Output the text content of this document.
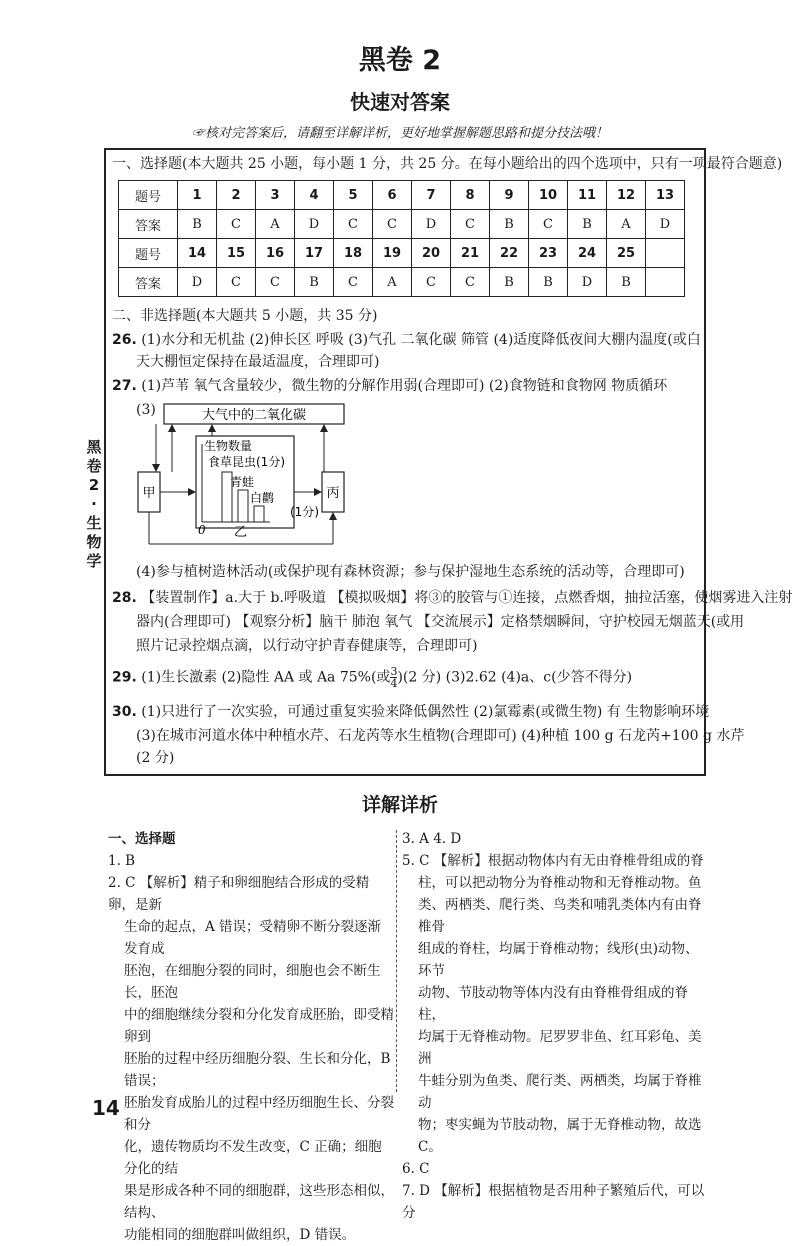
黑卷 2
快速对答案
☞核对完答案后，请翻至详解详析，更好地掌握解题思路和提分技法哦！
黑
卷
2
·
生
物
学
一、选择题(本大题共 25 小题，每小题 1 分，共 25 分。在每小题给出的四个选项中，只有一项最符合题意)
题号	1	2	3	4	5	6	7	8	9	10	11	12	13
答案	B	C	A	D	C	C	D	C	B	C	B	A	D
题号	14	15	16	17	18	19	20	21	22	23	24	25	
答案	D	C	C	B	C	A	C	C	B	B	D	B	
二、非选择题(本大题共 5 小题，共 35 分)
26. (1)水分和无机盐 (2)伸长区 呼吸 (3)气孔 二氧化碳 筛管 (4)适度降低夜间大棚内温度(或白
天大棚恒定保持在最适温度，合理即可)
27. (1)芦苇 氧气含量较少，微生物的分解作用弱(合理即可) (2)食物链和食物网 物质循环
(3)
(4)参与植树造林活动(或保护现有森林资源；参与保护湿地生态系统的活动等，合理即可)
28. 【装置制作】a.大于 b.呼吸道 【模拟吸烟】将③的胶管与①连接，点燃香烟，抽拉活塞，使烟雾进入注射
器内(合理即可) 【观察分析】脑干 肺泡 氧气 【交流展示】定格禁烟瞬间，守护校园无烟蓝天(或用
照片记录控烟点滴，以行动守护青春健康等，合理即可)
29. (1)生长激素 (2)隐性 AA 或 Aa 75%(或 $\frac{3}{4} )(2$ 分) (3)2.62 (4)a、c(少答不得分)
30. (1)只进行了一次实验，可通过重复实验来降低偶然性 (2)氯霉素(或微生物) 有 生物影响环境
(3)在城市河道水体中种植水芹、石龙芮等水生植物(合理即可) (4)种植 100 g 石龙芮+100 g 水芹
(2 分)
大气中的二氧化碳
甲	丙
生物数量
食草昆虫(1分)
青蛙
白鹳
0 乙
(1分)
详解详析

一、选择题

1. B

2. C 【解析】精子和卵细胞结合形成的受精卵，是新

生命的起点，A 错误；受精卵不断分裂逐渐发育成

胚泡，在细胞分裂的同时，细胞也会不断生长，胚泡

中的细胞继续分裂和分化发育成胚胎，即受精卵到

胚胎的过程中经历细胞分裂、生长和分化，B 错误；

胚胎发育成胎儿的过程中经历细胞生长、分裂和分

化，遗传物质均不发生改变，C 正确；细胞分化的结

果是形成各种不同的细胞群，这些形态相似，结构、

功能相同的细胞群叫做组织，D 错误。

3. A 4. D

5. C 【解析】根据动物体内有无由脊椎骨组成的脊

柱，可以把动物分为脊椎动物和无脊椎动物。鱼

类、两栖类、爬行类、鸟类和哺乳类体内有由脊椎骨

组成的脊柱，均属于脊椎动物；线形(虫)动物、环节

动物、节肢动物等体内没有由脊椎骨组成的脊柱，

均属于无脊椎动物。尼罗罗非鱼、红耳彩龟、美洲

牛蛙分别为鱼类、爬行类、两栖类，均属于脊椎动

物；枣实蝇为节肢动物，属于无脊椎动物，故选 C。

6. C

7. D 【解析】根据植物是否用种子繁殖后代，可以分

14
